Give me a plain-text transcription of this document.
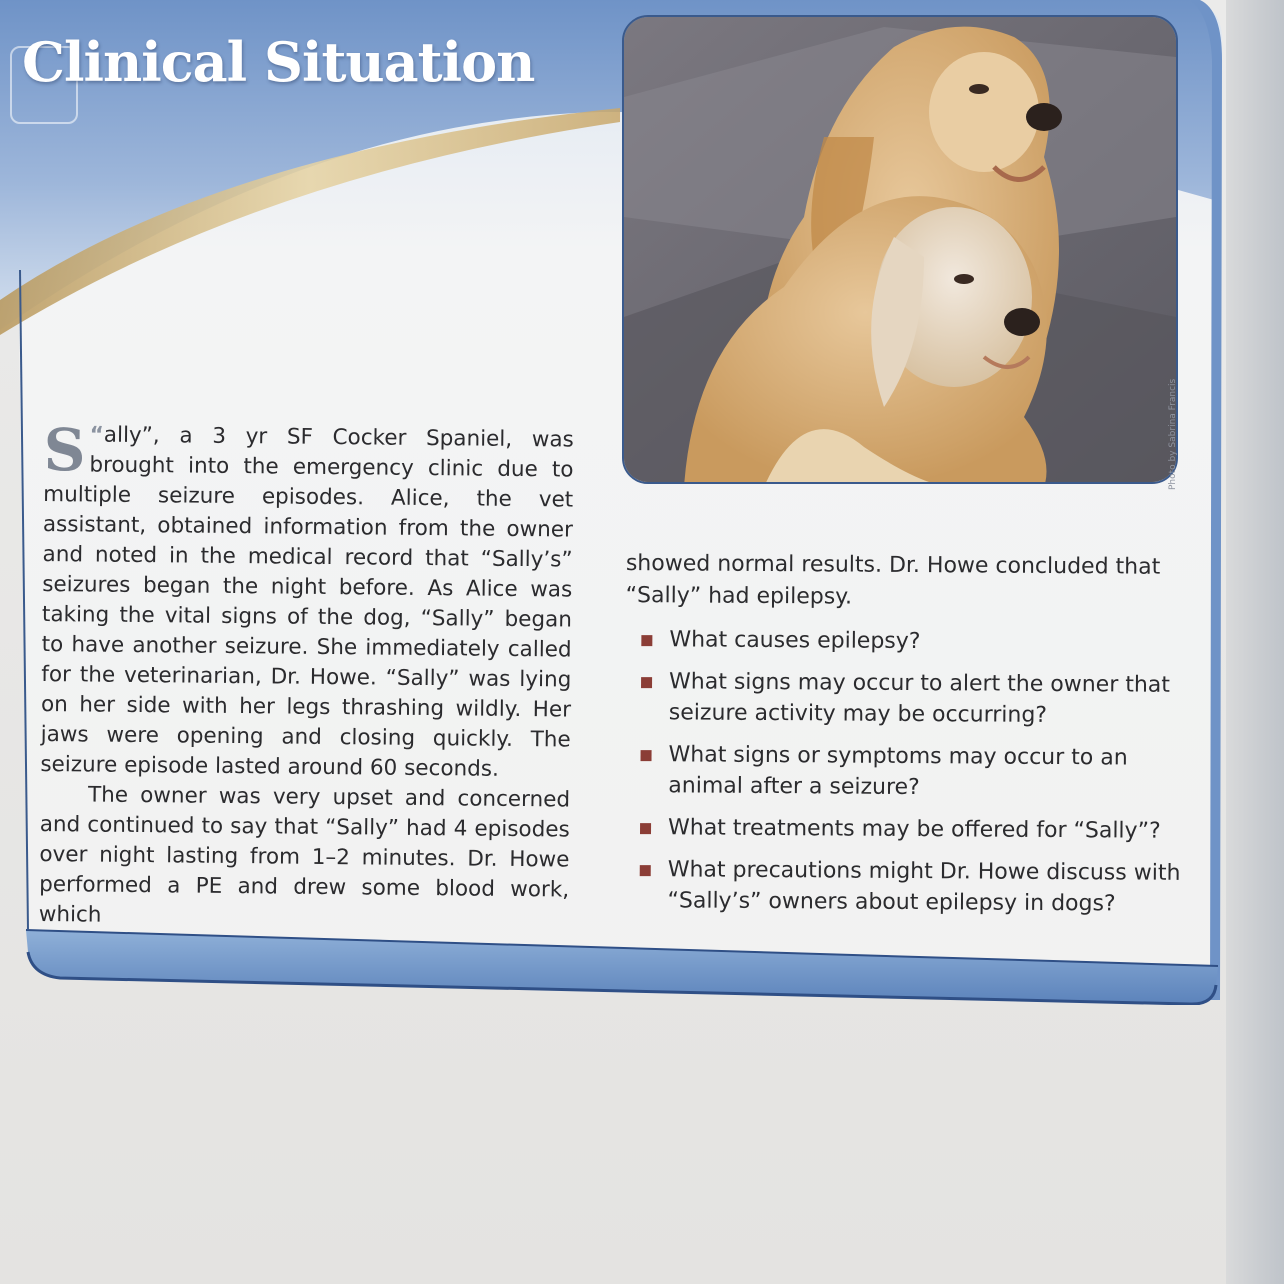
Clinical Situation
Photo by Sabrina Francis

“
S ally”, a 3 yr SF Cocker Spaniel, was brought into the emergency clinic due to multiple seizure episodes. Alice, the vet assistant, obtained information from the owner and noted in the medical record that “Sally’s” seizures began the night before. As Alice was taking the vital signs of the dog, “Sally” began to have another seizure. She immediately called for the veterinarian, Dr. Howe. “Sally” was lying on her side with her legs thrashing wildly. Her jaws were opening and closing quickly. The seizure episode lasted around 60 seconds.

The owner was very upset and concerned and continued to say that “Sally” had 4 episodes over night lasting from 1–2 minutes. Dr. Howe performed a PE and drew some blood work, which

showed normal results. Dr. Howe concluded that “Sally” had epilepsy.

What causes epilepsy?
What signs may occur to alert the owner that seizure activity may be occurring?
What signs or symptoms may occur to an animal after a seizure?
What treatments may be offered for “Sally”?
What precautions might Dr. Howe discuss with “Sally’s” owners about epilepsy in dogs?
